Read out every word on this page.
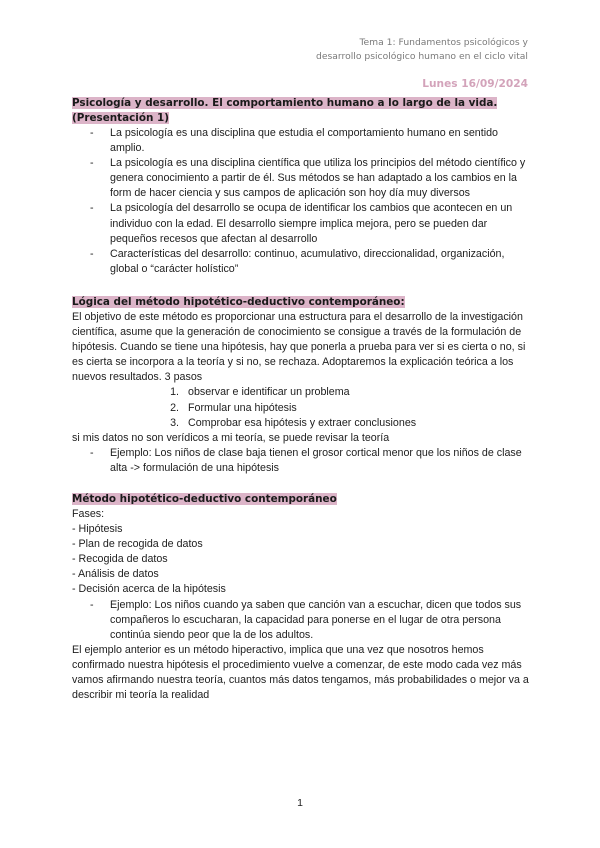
Tema 1: Fundamentos psicológicos y
desarrollo psicológico humano en el ciclo vital
Lunes 16/09/2024
Psicología y desarrollo. El comportamiento humano a lo largo de la vida.
(Presentación 1)
- La psicología es una disciplina que estudia el comportamiento humano en sentido amplio.
- La psicología es una disciplina científica que utiliza los principios del método científico y genera conocimiento a partir de él. Sus métodos se han adaptado a los cambios en la form de hacer ciencia y sus campos de aplicación son hoy día muy diversos
- La psicología del desarrollo se ocupa de identificar los cambios que acontecen en un individuo con la edad. El desarrollo siempre implica mejora, pero se pueden dar pequeños recesos que afectan al desarrollo
- Características del desarrollo: continuo, acumulativo, direccionalidad, organización, global o “carácter holístico”
Lógica del método hipotético-deductivo contemporáneo:

El objetivo de este método es proporcionar una estructura para el desarrollo de la investigación científica, asume que la generación de conocimiento se consigue a través de la formulación de hipótesis. Cuando se tiene una hipótesis, hay que ponerla a prueba para ver si es cierta o no, si es cierta se incorpora a la teoría y si no, se rechaza. Adoptaremos la explicación teórica a los nuevos resultados. 3 pasos

1. observar e identificar un problema
2. Formular una hipótesis
3. Comprobar esa hipótesis y extraer conclusiones

si mis datos no son verídicos a mi teoría, se puede revisar la teoría

- Ejemplo: Los niños de clase baja tienen el grosor cortical menor que los niños de clase alta -> formulación de una hipótesis
Método hipotético-deductivo contemporáneo
Fases:
- Hipótesis
- Plan de recogida de datos
- Recogida de datos
- Análisis de datos
- Decisión acerca de la hipótesis
- Ejemplo: Los niños cuando ya saben que canción van a escuchar, dicen que todos sus compañeros lo escucharan, la capacidad para ponerse en el lugar de otra persona continúa siendo peor que la de los adultos.

El ejemplo anterior es un método hiperactivo, implica que una vez que nosotros hemos confirmado nuestra hipótesis el procedimiento vuelve a comenzar, de este modo cada vez más vamos afirmando nuestra teoría, cuantos más datos tengamos, más probabilidades o mejor va a describir mi teoría la realidad

1
